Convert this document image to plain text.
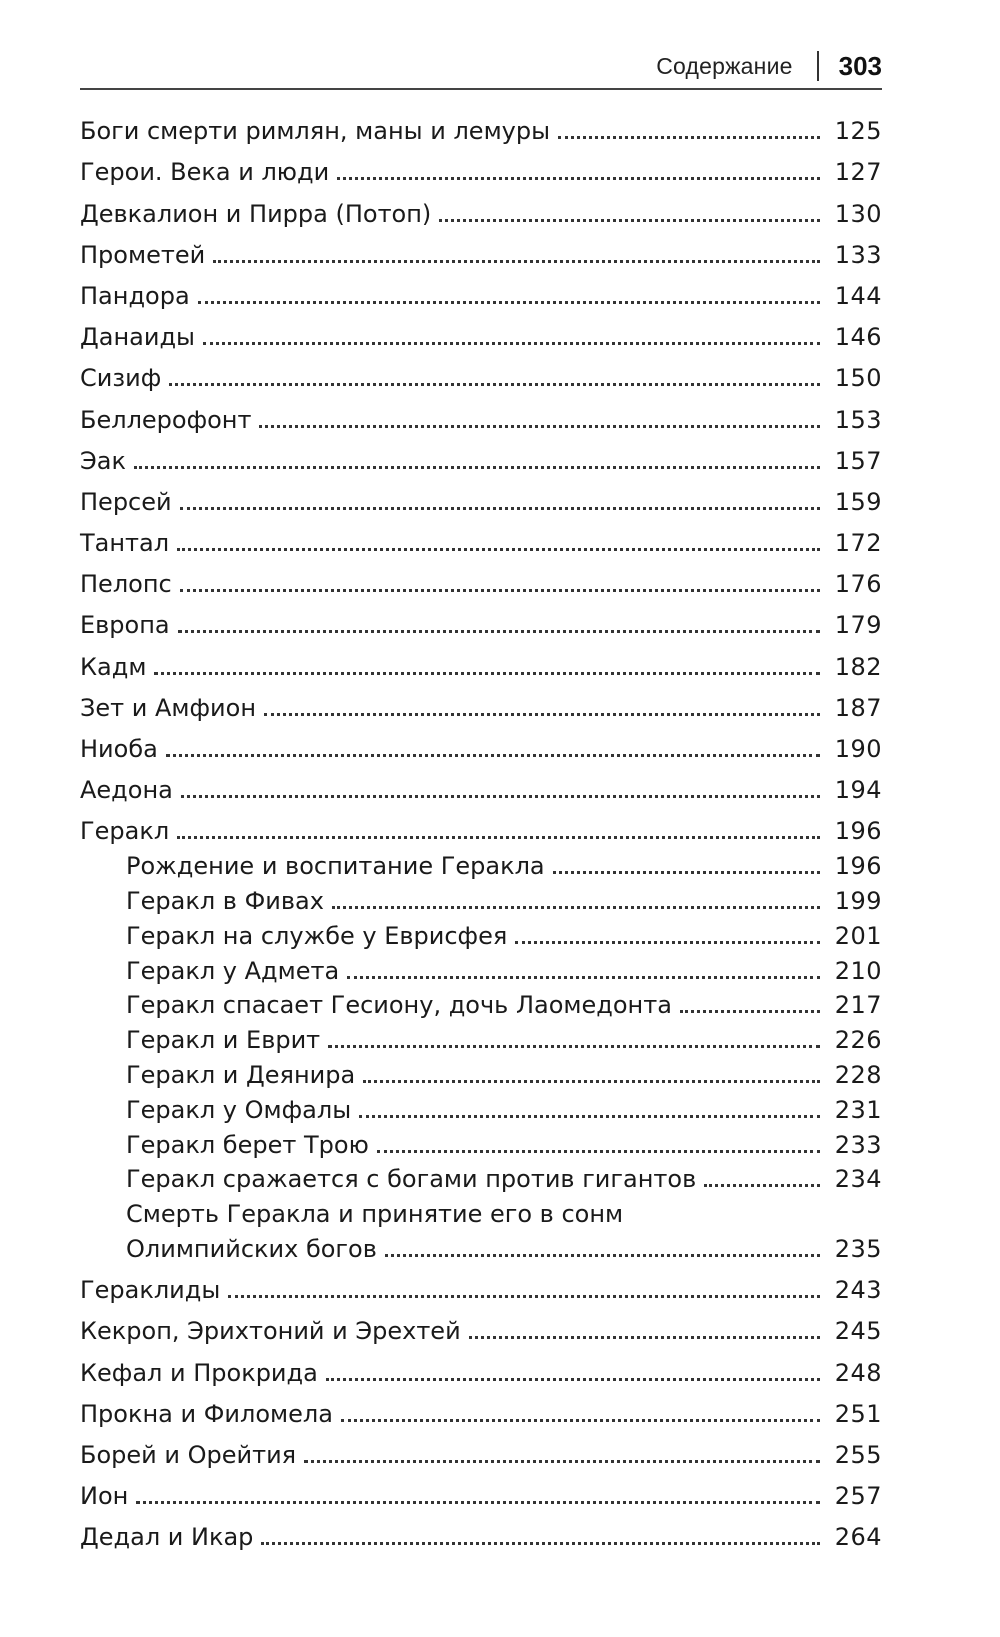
Содержание 303
Боги смерти римлян, маны и лемуры	125
Герои. Века и люди	127
Девкалион и Пирра (Потоп)	130
Прометей	133
Пандора	144
Данаиды	146
Сизиф	150
Беллерофонт	153
Эак	157
Персей	159
Тантал	172
Пелопс	176
Европа	179
Кадм	182
Зет и Амфион	187
Ниоба	190
Аедона	194
Геракл	196
Рождение и воспитание Геракла	196
Геракл в Фивах	199
Геракл на службе у Еврисфея	201
Геракл у Адмета	210
Геракл спасает Гесиону, дочь Лаомедонта	217
Геракл и Еврит	226
Геракл и Деянира	228
Геракл у Омфалы	231
Геракл берет Трою	233
Геракл сражается с богами против гигантов	234
Смерть Геракла и принятие его в сонм
Олимпийских богов	235
Гераклиды	243
Кекроп, Эрихтоний и Эрехтей	245
Кефал и Прокрида	248
Прокна и Филомела	251
Борей и Орейтия	255
Ион	257
Дедал и Икар	264
